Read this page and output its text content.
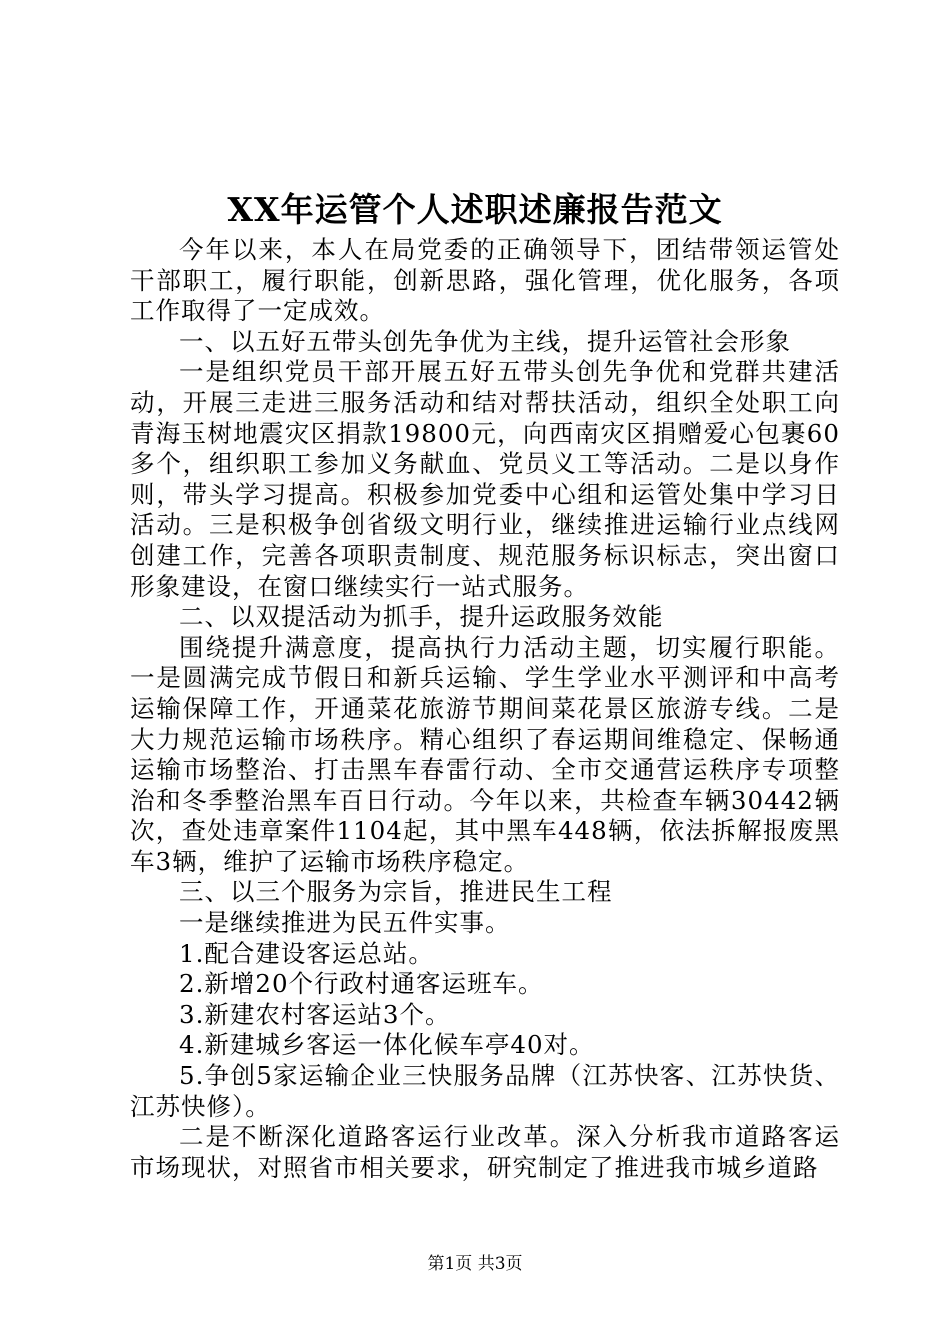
XX年运管个人述职述廉报告范文

今年以来，本人在局党委的正确领导下，团结带领运管处干部职工，履行职能，创新思路，强化管理，优化服务，各项工作取得了一定成效。

一、以五好五带头创先争优为主线，提升运管社会形象

一是组织党员干部开展五好五带头创先争优和党群共建活动，开展三走进三服务活动和结对帮扶活动，组织全处职工向青海玉树地震灾区捐款19800元，向西南灾区捐赠爱心包裹60多个，组织职工参加义务献血、党员义工等活动。二是以身作则，带头学习提高。积极参加党委中心组和运管处集中学习日活动。三是积极争创省级文明行业，继续推进运输行业点线网创建工作，完善各项职责制度、规范服务标识标志，突出窗口形象建设，在窗口继续实行一站式服务。

二、以双提活动为抓手，提升运政服务效能

围绕提升满意度，提高执行力活动主题，切实履行职能。一是圆满完成节假日和新兵运输、学生学业水平测评和中高考运输保障工作，开通菜花旅游节期间菜花景区旅游专线。二是大力规范运输市场秩序。精心组织了春运期间维稳定、保畅通运输市场整治、打击黑车春雷行动、全市交通营运秩序专项整治和冬季整治黑车百日行动。今年以来，共检查车辆30442辆次，查处违章案件1104起，其中黑车448辆，依法拆解报废黑车3辆，维护了运输市场秩序稳定。

三、以三个服务为宗旨，推进民生工程

一是继续推进为民五件实事。

1.配合建设客运总站。

2.新增20个行政村通客运班车。

3.新建农村客运站3个。

4.新建城乡客运一体化候车亭40对。

5.争创5家运输企业三快服务品牌（江苏快客、江苏快货、江苏快修）。

二是不断深化道路客运行业改革。深入分析我市道路客运市场现状，对照省市相关要求，研究制定了推进我市城乡道路

第1页 共3页
